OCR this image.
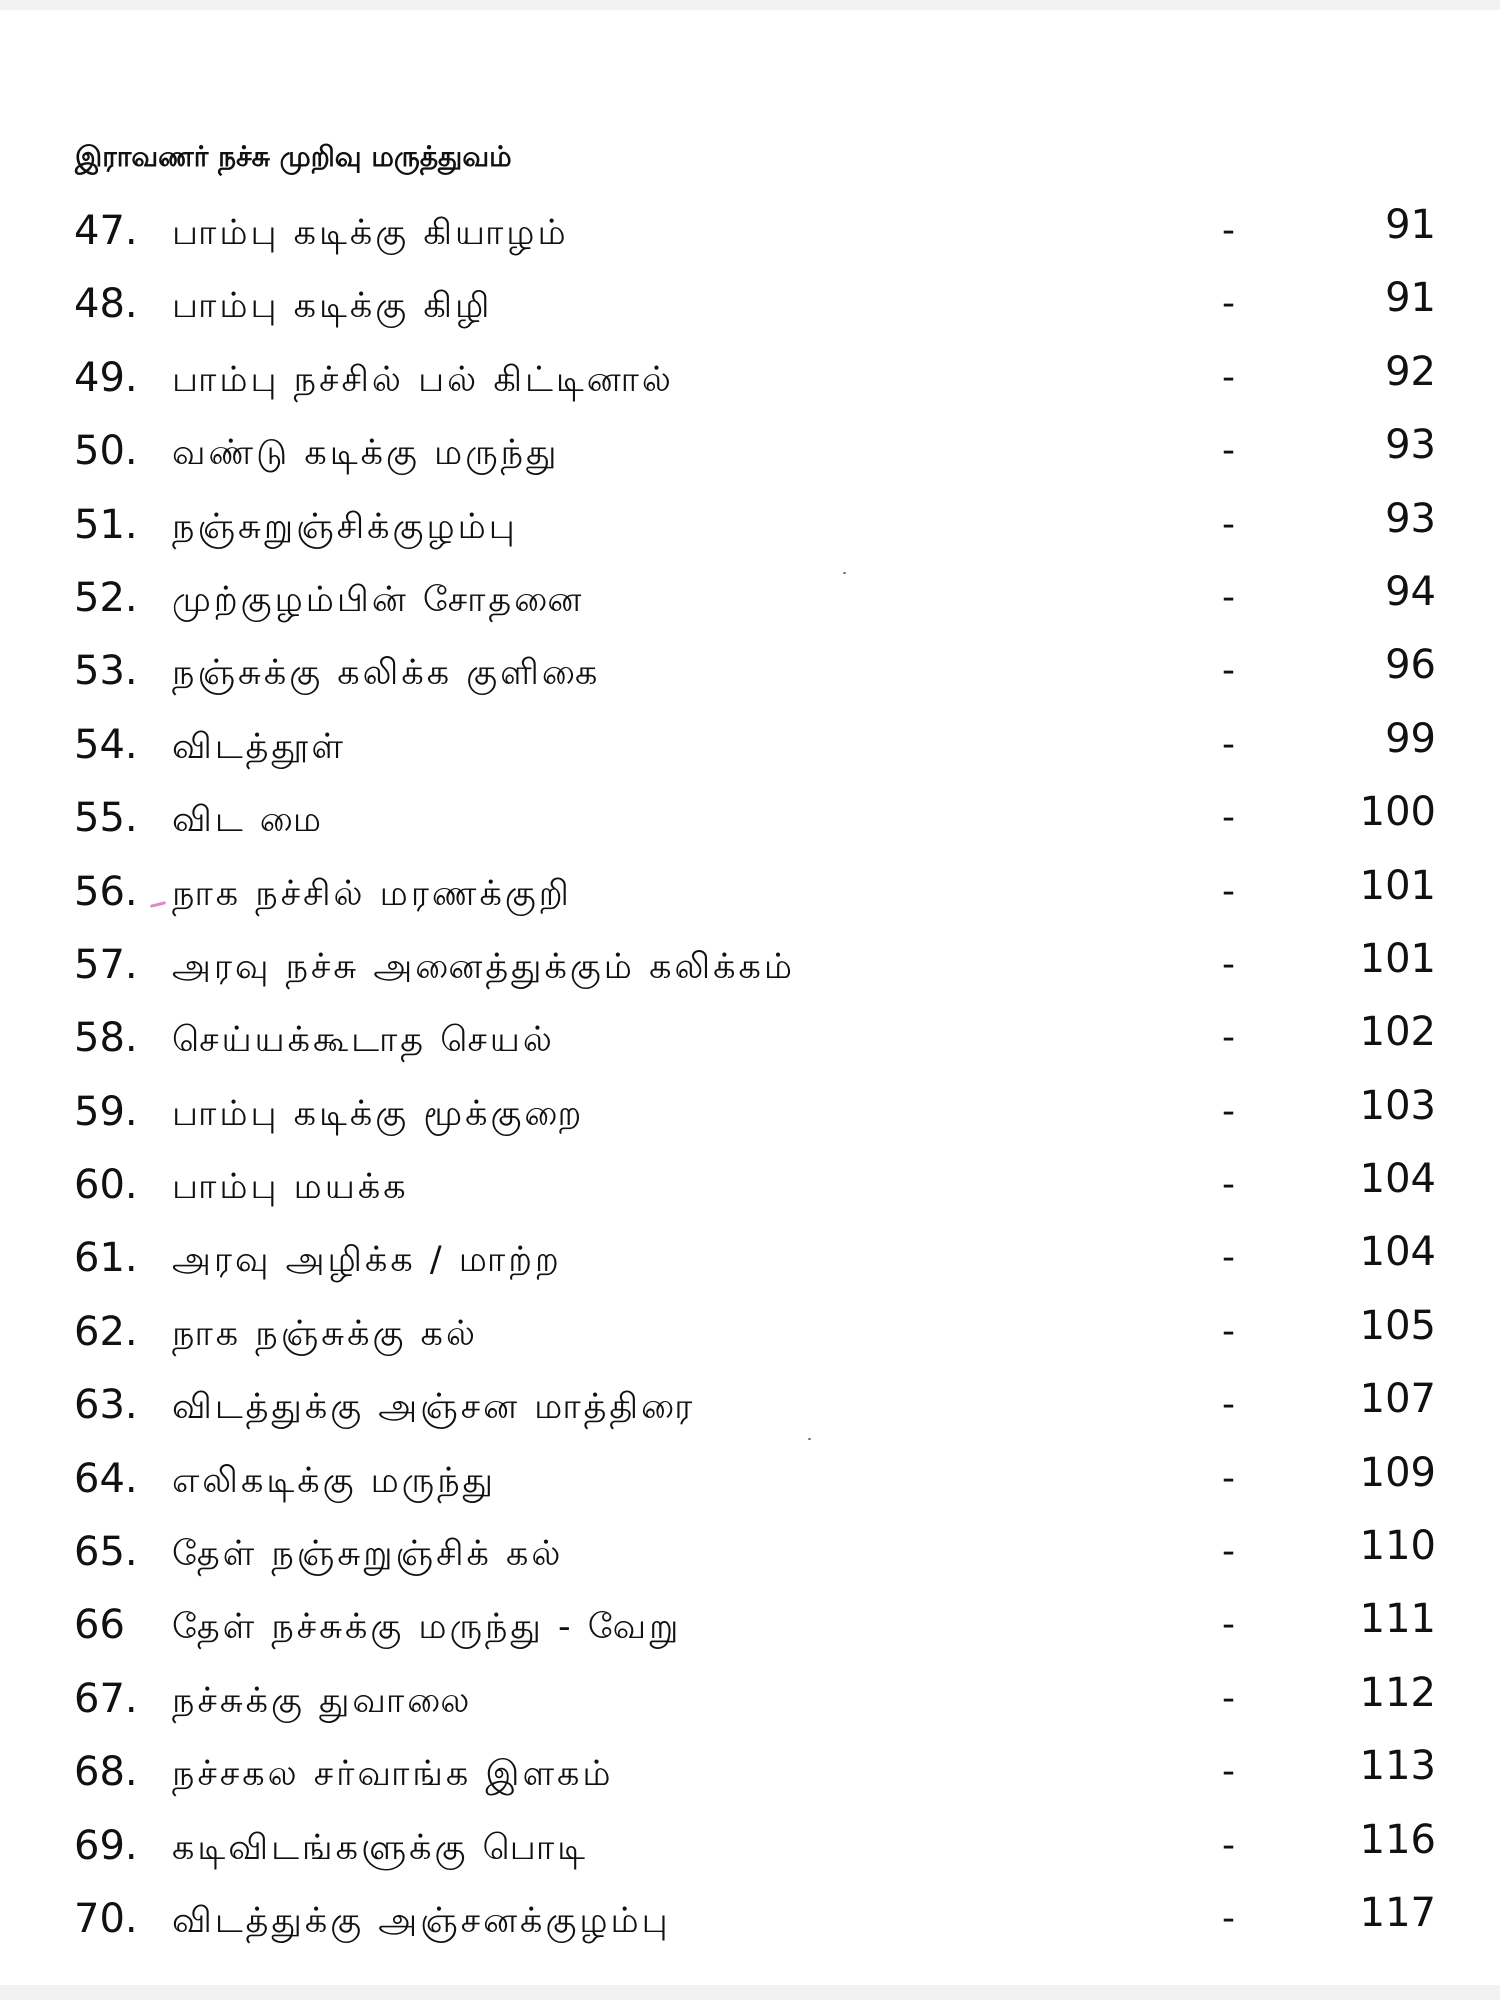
இராவணர் நச்சு முறிவு மருத்துவம்
47. பாம்பு கடிக்கு கியாழம்	-	91
48. பாம்பு கடிக்கு கிழி	-	91
49. பாம்பு நச்சில் பல் கிட்டினால்	-	92
50. வண்டு கடிக்கு மருந்து	-	93
51. நஞ்சுறுஞ்சிக்குழம்பு	-	93
52. முற்குழம்பின் சோதனை	-	94
53. நஞ்சுக்கு கலிக்க குளிகை	-	96
54. விடத்தூள்	-	99
55. விட மை	-	100
56. நாக நச்சில் மரணக்குறி	-	101
57. அரவு நச்சு அனைத்துக்கும் கலிக்கம்	-	101
58. செய்யக்கூடாத செயல்	-	102
59. பாம்பு கடிக்கு மூக்குறை	-	103
60. பாம்பு மயக்க	-	104
61. அரவு அழிக்க / மாற்ற	-	104
62. நாக நஞ்சுக்கு கல்	-	105
63. விடத்துக்கு அஞ்சன மாத்திரை	-	107
64. எலிகடிக்கு மருந்து	-	109
65. தேள் நஞ்சுறுஞ்சிக் கல்	-	110
66 தேள் நச்சுக்கு மருந்து - வேறு	-	111
67. நச்சுக்கு துவாலை	-	112
68. நச்சகல சர்வாங்க இளகம்	-	113
69. கடிவிடங்களுக்கு பொடி	-	116
70. விடத்துக்கு அஞ்சனக்குழம்பு	-	117
